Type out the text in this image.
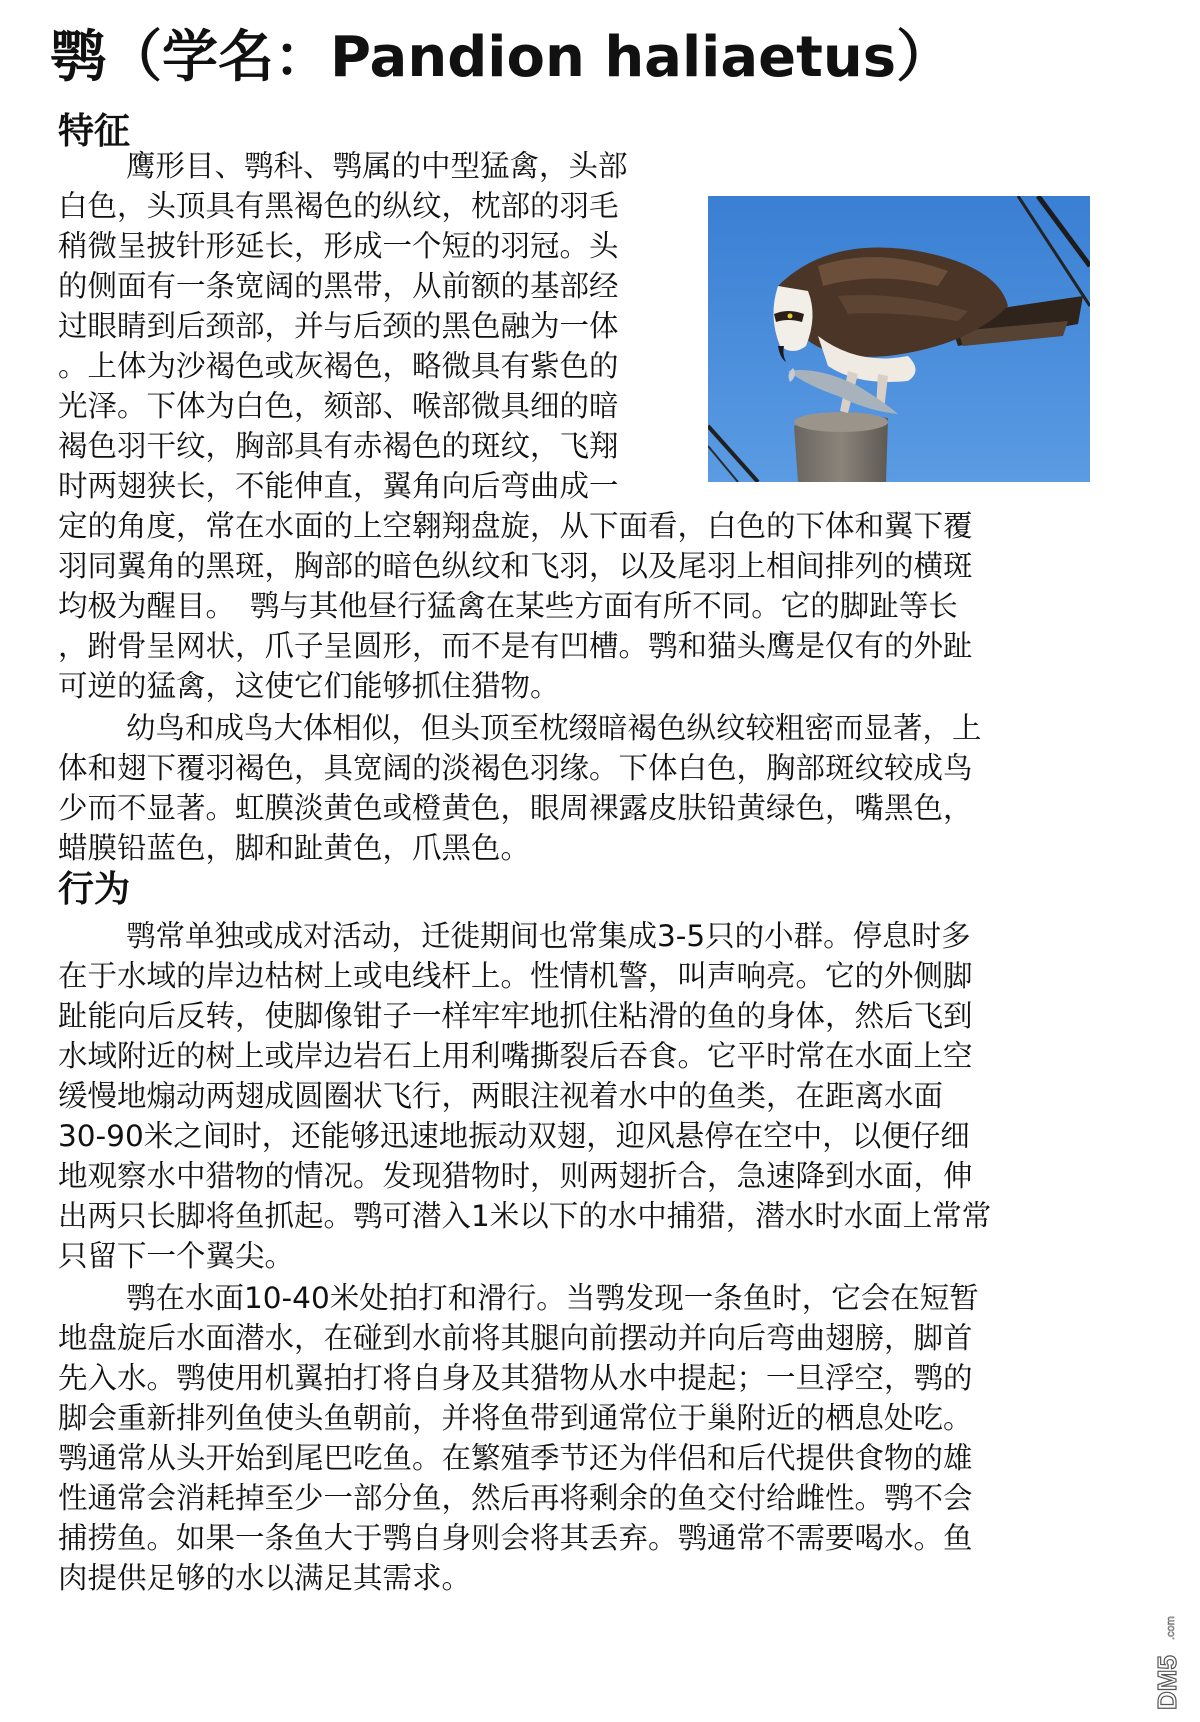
鹗（学名：Pandion haliaetus）
特征
鹰形目、鹗科、鹗属的中型猛禽，头部
白色，头顶具有黑褐色的纵纹，枕部的羽毛
稍微呈披针形延长，形成一个短的羽冠。头
的侧面有一条宽阔的黑带，从前额的基部经
过眼睛到后颈部，并与后颈的黑色融为一体
。上体为沙褐色或灰褐色，略微具有紫色的
光泽。下体为白色，颏部、喉部微具细的暗
褐色羽干纹，胸部具有赤褐色的斑纹，飞翔
时两翅狭长，不能伸直，翼角向后弯曲成一
定的角度，常在水面的上空翱翔盘旋，从下面看，白色的下体和翼下覆
羽同翼角的黑斑，胸部的暗色纵纹和飞羽，以及尾羽上相间排列的横斑
均极为醒目。　鹗与其他昼行猛禽在某些方面有所不同。它的脚趾等长
，跗骨呈网状，爪子呈圆形，而不是有凹槽。鹗和猫头鹰是仅有的外趾
可逆的猛禽，这使它们能够抓住猎物。
幼鸟和成鸟大体相似，但头顶至枕缀暗褐色纵纹较粗密而显著，上
体和翅下覆羽褐色，具宽阔的淡褐色羽缘。下体白色，胸部斑纹较成鸟
少而不显著。虹膜淡黄色或橙黄色，眼周裸露皮肤铅黄绿色，嘴黑色，
蜡膜铅蓝色，脚和趾黄色，爪黑色。
行为
鹗常单独或成对活动，迁徙期间也常集成3-5只的小群。停息时多
在于水域的岸边枯树上或电线杆上。性情机警，叫声响亮。它的外侧脚
趾能向后反转，使脚像钳子一样牢牢地抓住粘滑的鱼的身体，然后飞到
水域附近的树上或岸边岩石上用利嘴撕裂后吞食。它平时常在水面上空
缓慢地煽动两翅成圆圈状飞行，两眼注视着水中的鱼类，在距离水面
30-90米之间时，还能够迅速地振动双翅，迎风悬停在空中，以便仔细
地观察水中猎物的情况。发现猎物时，则两翅折合，急速降到水面，伸
出两只长脚将鱼抓起。鹗可潜入1米以下的水中捕猎，潜水时水面上常常
只留下一个翼尖。
鹗在水面10-40米处拍打和滑行。当鹗发现一条鱼时，它会在短暂
地盘旋后水面潜水，在碰到水前将其腿向前摆动并向后弯曲翅膀，脚首
先入水。鹗使用机翼拍打将自身及其猎物从水中提起；一旦浮空，鹗的
脚会重新排列鱼使头鱼朝前，并将鱼带到通常位于巢附近的栖息处吃。
鹗通常从头开始到尾巴吃鱼。在繁殖季节还为伴侣和后代提供食物的雄
性通常会消耗掉至少一部分鱼，然后再将剩余的鱼交付给雌性。鹗不会
捕捞鱼。如果一条鱼大于鹗自身则会将其丢弃。鹗通常不需要喝水。鱼
肉提供足够的水以满足其需求。
DM5
.com
